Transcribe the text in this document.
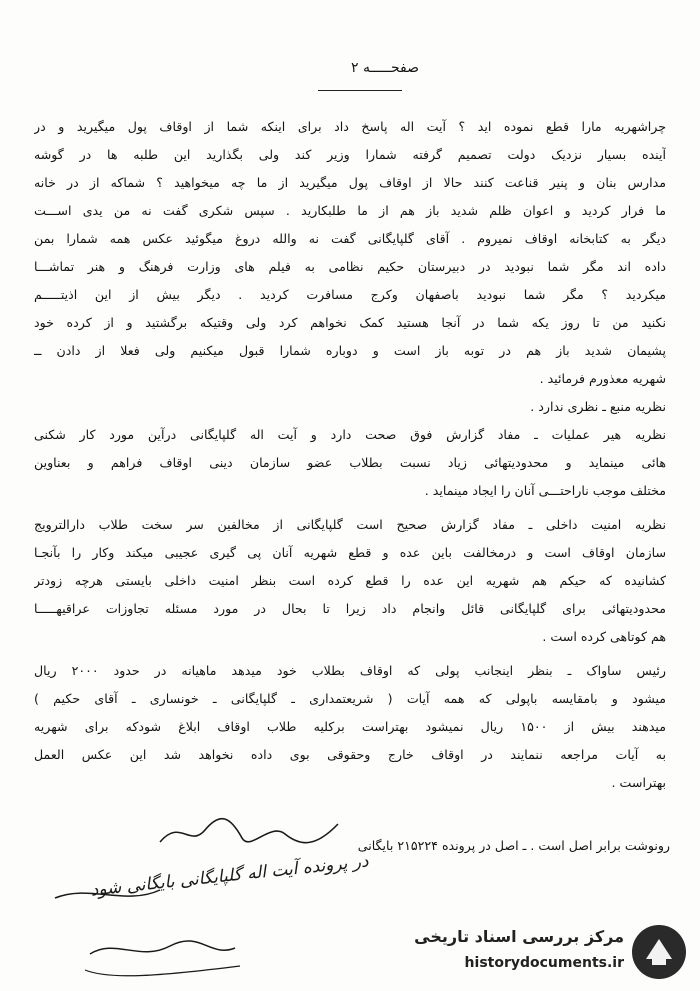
صفحـــــه ۲
چراشهریه مارا قطع نموده اید ؟ آیت اله پاسخ داد برای اینکه شما از اوقاف پول میگیرید و در
آینده بسیار نزدیک دولت تصمیم گرفته شمارا وزیر کند ولی بگذارید این طلبه ها در گوشه
مدارس بنان و پنیر قناعت کنند حالا از اوقاف پول میگیرید از ما چه میخواهید ؟ شماکه از در خانه
ما فرار کردید و اعوان ظلم شدید باز هم از ما طلبکارید . سپس شکری گفت نه من یدی اســـت
دیگر به کتابخانه اوقاف نمیروم . آقای گلپایگانی گفت نه والله دروغ میگوئید عکس همه شمارا بمن
داده اند مگر شما نبودید در دبیرستان حکیم نظامی به فیلم های وزارت فرهنگ و هنر تماشـــا
میکردید ؟ مگر شما نبودید باصفهان وکرج مسافرت کردید . دیگر بیش از این اذیتـــــم
نکنید من تا روز یکه شما در آنجا هستید کمک نخواهم کرد ولی وقتیکه برگشتید و از کرده خود
پشیمان شدید باز هم در توبه باز است و دوباره شمارا قبول میکنیم ولی فعلا از دادن ــ
شهریه معذورم فرمائید .
نظریه منبع ـ نظری ندارد .
نظریه هیر عملیات ـ مفاد گزارش فوق صحت دارد و آیت اله گلپایگانی درآین مورد کار شکنی
هائی مینماید و محدودیتهائی زیاد نسبت بطلاب عضو سازمان دینی اوقاف فراهم و بعناوین
مختلف موجب ناراحتـــی آنان را ایجاد مینماید .
نظریه امنیت داخلی ـ مفاد گزارش صحیح است گلپایگانی از مخالفین سر سخت طلاب دارالترویج
سازمان اوقاف است و درمخالفت باین عده و قطع شهریه آنان پی گیری عجیبی میکند وکار را بآنجـا
کشانیده که حیکم هم شهریه این عده را قطع کرده است بنظر امنیت داخلی بایستی هرچه زودتر
محدودیتهائی برای گلپایگانی قائل وانجام داد زیرا تا بحال در مورد مسئله تجاوزات عراقیهـــــا
هم کوتاهی کرده است .
رئیس ساواک ـ بنظر اینجانب پولی که اوقاف بطلاب خود میدهد ماهیانه در حدود ۲۰۰۰ ریال
میشود و بامقایسه باپولی که همه آیات ( شریعتمداری ـ گلپایگانی ـ خونساری ـ آقای حکیم )
میدهند بیش از ۱۵۰۰ ریال نمیشود بهتراست برکلیه طلاب اوقاف ابلاغ شودکه برای شهریه
به آیات مراجعه ننمایند در اوقاف خارج وحقوقی بوی داده نخواهد شد این عکس العمل
بهتراست .
رونوشت برابر اصل است . ـ اصل در پرونده ۲۱۵۲۲۴ بایگانی
در پرونده آیت اله گلپایگانی بایگانی شود
مرکز بررسی اسناد تاریخی
historydocuments.ir
